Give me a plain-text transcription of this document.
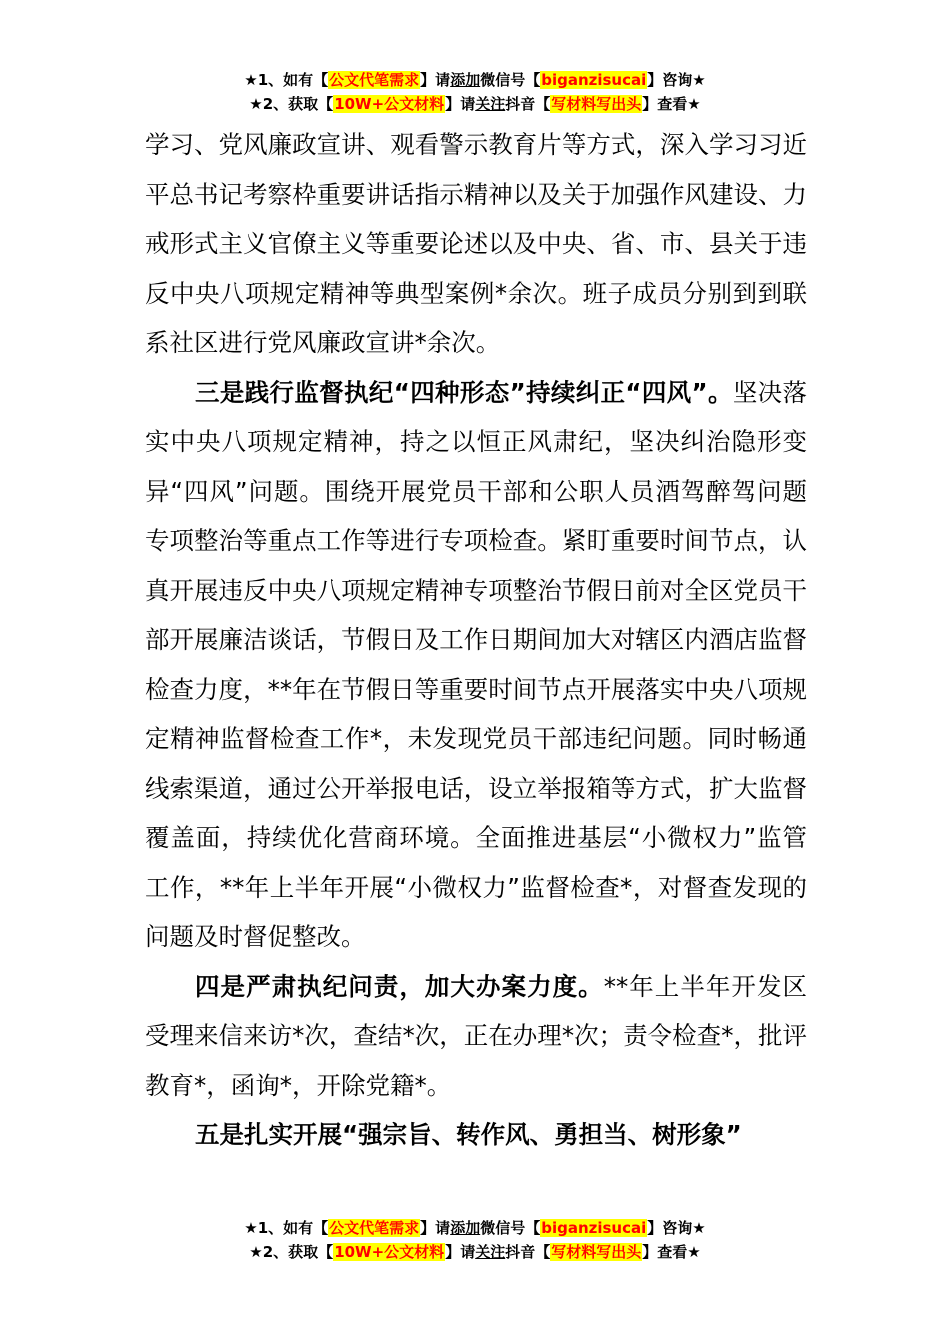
★1、如有【公文代笔需求】请添加微信号【biganzisucai】咨询★
★2、获取【10W+公文材料】请关注抖音【写材料写出头】查看★

学习、党风廉政宣讲、观看警示教育片等方式，深入学习习近平总书记考察枠重要讲话指示精神以及关于加强作风建设、力戒形式主义官僚主义等重要论述以及中央、省、市、县关于违反中央八项规定精神等典型案例*余次。班子成员分别到到联系社区进行党风廉政宣讲*余次。

三是践行监督执纪“四种形态”持续纠正“四风”。坚决落实中央八项规定精神，持之以恒正风肃纪，坚决纠治隐形变异“四风”问题。围绕开展党员干部和公职人员酒驾醉驾问题专项整治等重点工作等进行专项检查。紧盯重要时间节点，认真开展违反中央八项规定精神专项整治节假日前对全区党员干部开展廉洁谈话，节假日及工作日期间加大对辖区内酒店监督检查力度，**年在节假日等重要时间节点开展落实中央八项规定精神监督检查工作*，未发现党员干部违纪问题。同时畅通线索渠道，通过公开举报电话，设立举报箱等方式，扩大监督覆盖面，持续优化营商环境。全面推进基层“小微权力”监管工作，**年上半年开展“小微权力”监督检查*，对督查发现的问题及时督促整改。

四是严肃执纪问责，加大办案力度。**年上半年开发区受理来信来访*次，查结*次，正在办理*次；责令检查*，批评教育*，函询*，开除党籍*。

五是扎实开展“强宗旨、转作风、勇担当、树形象”

★1、如有【公文代笔需求】请添加微信号【biganzisucai】咨询★
★2、获取【10W+公文材料】请关注抖音【写材料写出头】查看★
